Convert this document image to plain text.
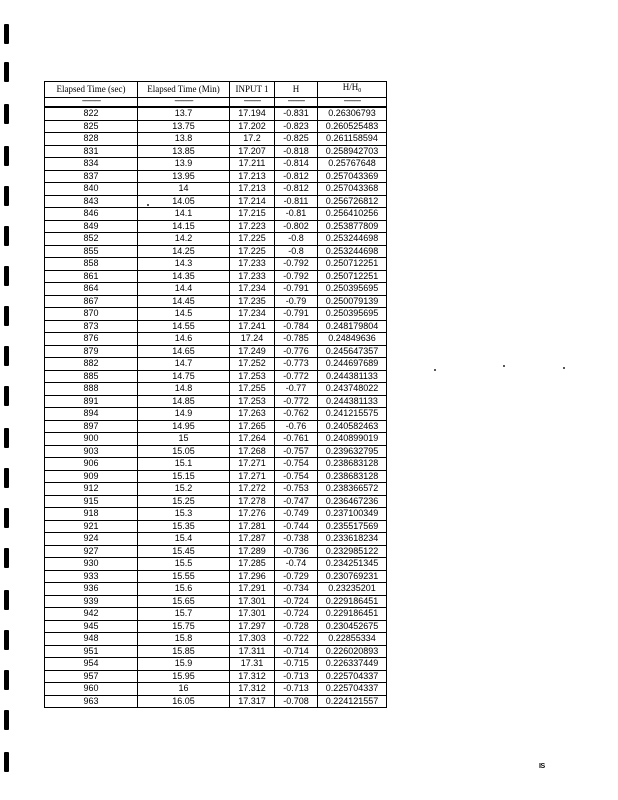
Elapsed Time (sec)	Elapsed Time (Min)	INPUT 1	H	$H/H_0$
-----------	-----------	----------	----------	----------
822	13.7	17.194	-0.831	0.26306793
825	13.75	17.202	-0.823	0.260525483
828	13.8	17.2	-0.825	0.261158594
831	13.85	17.207	-0.818	0.258942703
834	13.9	17.211	-0.814	0.25767648
837	13.95	17.213	-0.812	0.257043369
840	14	17.213	-0.812	0.257043368
843	14.05	17.214	-0.811	0.256726812
846	14.1	17.215	-0.81	0.256410256
849	14.15	17.223	-0.802	0.253877809
852	14.2	17.225	-0.8	0.253244698
855	14.25	17.225	-0.8	0.253244698
858	14.3	17.233	-0.792	0.250712251
861	14.35	17.233	-0.792	0.250712251
864	14.4	17.234	-0.791	0.250395695
867	14.45	17.235	-0.79	0.250079139
870	14.5	17.234	-0.791	0.250395695
873	14.55	17.241	-0.784	0.248179804
876	14.6	17.24	-0.785	0.24849636
879	14.65	17.249	-0.776	0.245647357
882	14.7	17.252	-0.773	0.244697689
885	14.75	17.253	-0.772	0.244381133
888	14.8	17.255	-0.77	0.243748022
891	14.85	17.253	-0.772	0.244381133
894	14.9	17.263	-0.762	0.241215575
897	14.95	17.265	-0.76	0.240582463
900	15	17.264	-0.761	0.240899019
903	15.05	17.268	-0.757	0.239632795
906	15.1	17.271	-0.754	0.238683128
909	15.15	17.271	-0.754	0.238683128
912	15.2	17.272	-0.753	0.238366572
915	15.25	17.278	-0.747	0.236467236
918	15.3	17.276	-0.749	0.237100349
921	15.35	17.281	-0.744	0.235517569
924	15.4	17.287	-0.738	0.233618234
927	15.45	17.289	-0.736	0.232985122
930	15.5	17.285	-0.74	0.234251345
933	15.55	17.296	-0.729	0.230769231
936	15.6	17.291	-0.734	0.23235201
939	15.65	17.301	-0.724	0.229186451
942	15.7	17.301	-0.724	0.229186451
945	15.75	17.297	-0.728	0.230452675
948	15.8	17.303	-0.722	0.22855334
951	15.85	17.311	-0.714	0.226020893
954	15.9	17.31	-0.715	0.226337449
957	15.95	17.312	-0.713	0.225704337
960	16	17.312	-0.713	0.225704337
963	16.05	17.317	-0.708	0.224121557
IS
